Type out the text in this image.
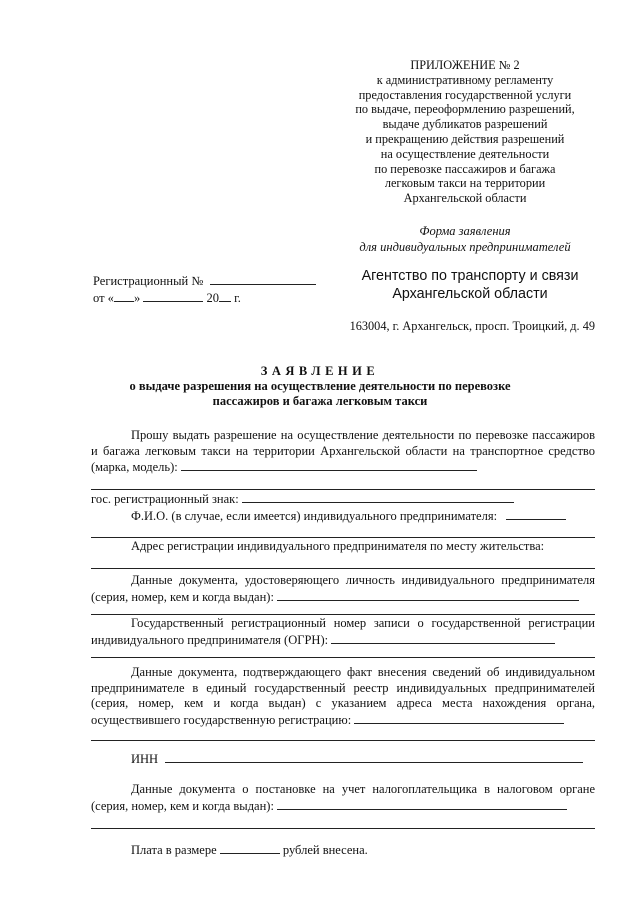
ПРИЛОЖЕНИЕ № 2
к административному регламенту
предоставления государственной услуги
по выдаче, переоформлению разрешений,
выдаче дубликатов разрешений
и прекращению действия разрешений
на осуществление деятельности
по перевозке пассажиров и багажа
легковым такси на территории
Архангельской области
Форма заявления
для индивидуальных предпринимателей
Регистрационный №
от « »	20 г.
Агентство по транспорту и связи
Архангельской области
163004, г. Архангельск, просп. Троицкий, д. 49
ЗАЯВЛЕНИЕ
о выдаче разрешения на осуществление деятельности по перевозке
пассажиров и багажа легковым такси
Прошу выдать разрешение на осуществление деятельности по перевозке пассажиров и багажа легковым такси на территории Архангельской области на транспортное средство (марка, модель):
гос. регистрационный знак:
Ф.И.О. (в случае, если имеется) индивидуального предпринимателя:
Адрес регистрации индивидуального предпринимателя по месту жительства:
Данные документа, удостоверяющего личность индивидуального предпринимателя (серия, номер, кем и когда выдан):
Государственный регистрационный номер записи о государственной регистрации индивидуального предпринимателя (ОГРН):
Данные документа, подтверждающего факт внесения сведений об индивидуальном предпринимателе в единый государственный реестр индивидуальных предпринимателей (серия, номер, кем и когда выдан) с указанием адреса места нахождения органа, осуществившего государственную регистрацию:
ИНН
Данные документа о постановке на учет налогоплательщика в налоговом органе (серия, номер, кем и когда выдан):
Плата в размере	рублей внесена.
